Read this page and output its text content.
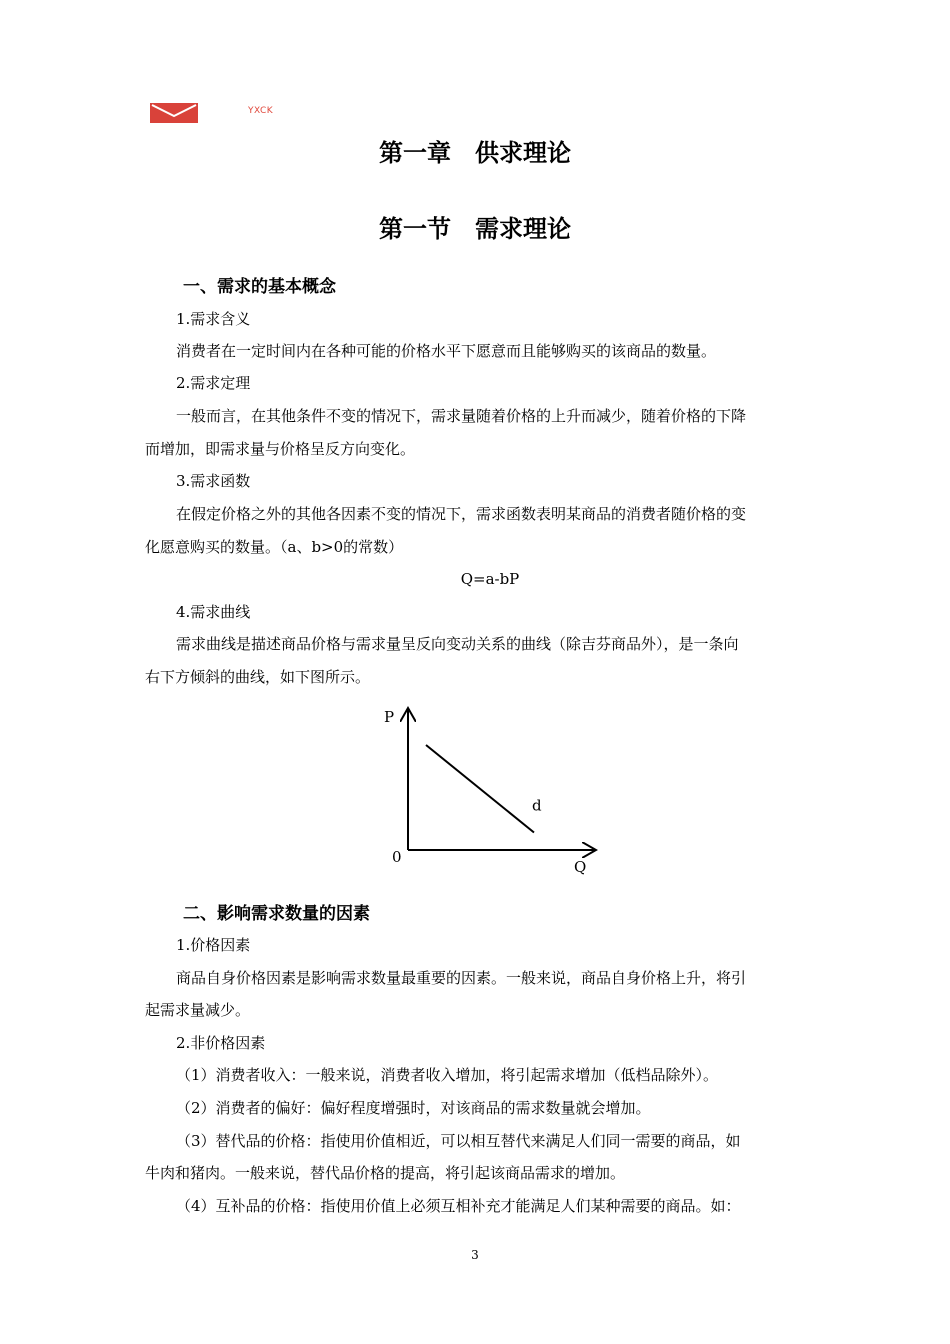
YXCK
第一章　供求理论
第一节　需求理论
一、需求的基本概念
1.需求含义
消费者在一定时间内在各种可能的价格水平下愿意而且能够购买的该商品的数量。
2.需求定理
一般而言，在其他条件不变的情况下，需求量随着价格的上升而减少，随着价格的下降
而增加，即需求量与价格呈反方向变化。
3.需求函数
在假定价格之外的其他各因素不变的情况下，需求函数表明某商品的消费者随价格的变
化愿意购买的数量。（a、b>0的常数）
Q=a-bP
4.需求曲线
需求曲线是描述商品价格与需求量呈反向变动关系的曲线（除吉芬商品外），是一条向
右下方倾斜的曲线，如下图所示。
P
Q
0
d
二、影响需求数量的因素
1.价格因素
商品自身价格因素是影响需求数量最重要的因素。一般来说，商品自身价格上升，将引
起需求量减少。
2.非价格因素
（1）消费者收入：一般来说，消费者收入增加，将引起需求增加（低档品除外）。
（2）消费者的偏好：偏好程度增强时，对该商品的需求数量就会增加。
（3）替代品的价格：指使用价值相近，可以相互替代来满足人们同一需要的商品，如
牛肉和猪肉。一般来说，替代品价格的提高，将引起该商品需求的增加。
（4）互补品的价格：指使用价值上必须互相补充才能满足人们某种需要的商品。如：
3
